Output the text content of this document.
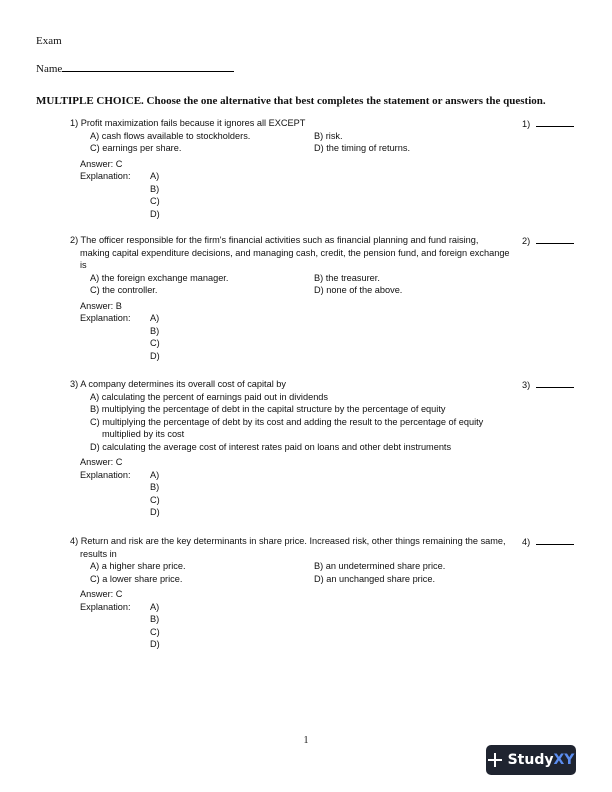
Exam
Name
MULTIPLE CHOICE. Choose the one alternative that best completes the statement or answers the question.
1) Profit maximization fails because it ignores all EXCEPT
A) cash flows available to stockholders.	B) risk.
C) earnings per share.	D) the timing of returns.
Answer: C
Explanation:	A)
B)
C)
D)
1)
2) The officer responsible for the firm's financial activities such as financial planning and fund raising, making capital expenditure decisions, and managing cash, credit, the pension fund, and foreign exchange is
A) the foreign exchange manager.	B) the treasurer.
C) the controller.	D) none of the above.
Answer: B
Explanation:	A)
B)
C)
D)
2)
3) A company determines its overall cost of capital by
A) calculating the percent of earnings paid out in dividends
B) multiplying the percentage of debt in the capital structure by the percentage of equity
C) multiplying the percentage of debt by its cost and adding the result to the percentage of equity multiplied by its cost
D) calculating the average cost of interest rates paid on loans and other debt instruments
Answer: C
Explanation:	A)
B)
C)
D)
3)
4) Return and risk are the key determinants in share price. Increased risk, other things remaining the same, results in
A) a higher share price.	B) an undetermined share price.
C) a lower share price.	D) an unchanged share price.
Answer: C
Explanation:	A)
B)
C)
D)
4)
1
Study XY
